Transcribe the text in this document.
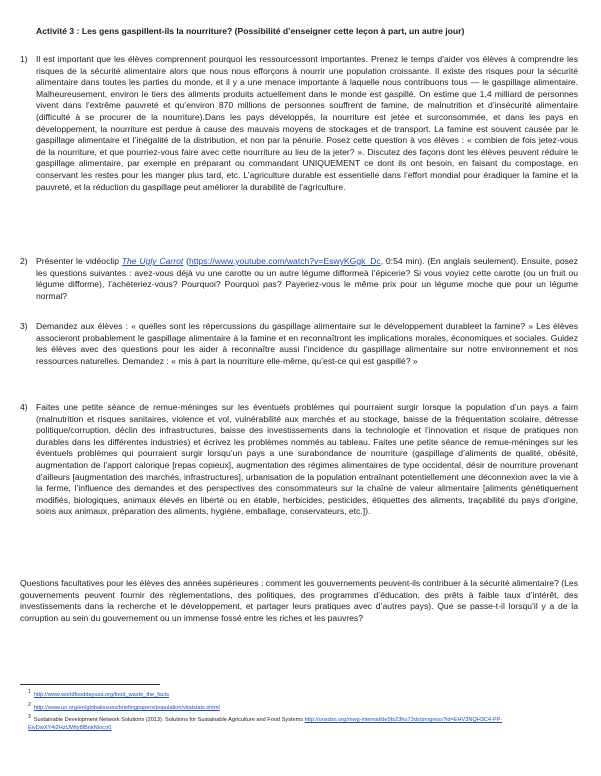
Activité 3 : Les gens gaspillent-ils la nourriture? (Possibilité d’enseigner cette leçon à part, un autre jour)
1) Il est important que les élèves comprennent pourquoi les ressourcessont importantes. Prenez le temps d’aider vos élèves à comprendre les risques de la sécurité alimentaire alors que nous nous efforçons à nourrir une population croissante. Il existe des risques pour la sécurité alimentaire dans toutes les parties du monde, et il y a une menace importante à laquelle nous contribuons tous — le gaspillage alimentaire. Malheureusement, environ le tiers des aliments produits actuellement dans le monde est gaspillé. On estime que 1,4 milliard de personnes vivent dans l’extrême pauvreté et qu’environ 870 millions de personnes souffrent de famine, de malnutrition et d’insécurité alimentaire (difficulté à se procurer de la nourriture).Dans les pays développés, la nourriture est jetée et surconsommée, et dans les pays en développement, la nourriture est perdue à cause des mauvais moyens de stockages et de transport. La famine est souvent causée par le gaspillage alimentaire et l’inégalité de la distribution, et non par la pénurie. Posez cette question à vos élèves : « combien de fois jetez-vous de la nourriture, et que pourriez-vous faire avec cette nourriture au lieu de la jeter? ». Discutez des façons dont les élèves peuvent réduire le gaspillage alimentaire, par exemple en préparant ou commandant UNIQUEMENT ce dont ils ont besoin, en faisant du compostage, en conservant les restes pour les manger plus tard, etc. L’agriculture durable est essentielle dans l’effort mondial pour éradiquer la famine et la pauvreté, et la réduction du gaspillage peut améliorer la durabilité de l’agriculture.
2) Présenter le vidéoclip The Ugly Carrot (https://www.youtube.com/watch?v=EswyKGgk_Dc, 0:54 min). (En anglais seulement). Ensuite, posez les questions suivantes : avez-vous déjà vu une carotte ou un autre légume difformeà l’épicerie? Si vous voyiez cette carotte (ou un fruit ou légume difforme), l’achèteriez-vous? Pourquoi? Pourquoi pas? Payeriez-vous le même prix pour un légume moche que pour un légume normal?
3) Demandez aux élèves : « quelles sont les répercussions du gaspillage alimentaire sur le développement durableet la famine? » Les élèves associeront probablement le gaspillage alimentaire à la famine et en reconnaîtront les implications morales, économiques et sociales. Guidez les élèves avec des questions pour les aider à reconnaître aussi l’incidence du gaspillage alimentaire sur notre environnement et nos ressources naturelles. Demandez : « mis à part la nourriture elle-même, qu’est-ce qui est gaspillé? »
4) Faites une petite séance de remue-méninges sur les éventuels problèmes qui pourraient surgir lorsque la population d’un pays a faim (malnutrition et risques sanitaires, violence et vol, vulnérabilité aux marchés et au stockage, baisse de la fréquentation scolaire, détresse politique/corruption, déclin des infrastructures, baisse des investissements dans la technologie et l’innovation et risque de pratiques non durables dans les différentes industries) et écrivez les problèmes nommés au tableau. Faites une petite séance de remue-méninges sur les éventuels problèmes qui pourraient surgir lorsqu’un pays a une surabondance de nourriture (gaspillage d’aliments de qualité, obésité, augmentation de l’apport calorique [repas copieux], augmentation des régimes alimentaires de type occidental, désir de nourriture provenant d’ailleurs [augmentation des marchés, infrastructures], urbanisation de la population entraînant potentiellement une déconnexion avec la vie à la ferme, l’influence des demandes et des perspectives des consommateurs sur la chaîne de valeur alimentaire [aliments génétiquement modifiés, biologiques, animaux élevés en liberté ou en étable, herbicides, pesticides, étiquettes des aliments, traçabilité du pays d’origine, soins aux animaux, préparation des aliments, hygiène, emballage, conservateurs, etc.]).
Questions facultatives pour les élèves des années supérieures : comment les gouvernements peuvent-ils contribuer à la sécurité alimentaire? (Les gouvernements peuvent fournir des réglementations, des politiques, des programmes d’éducation, des prêts à faible taux d’intérêt, des investissements dans la recherche et le développement, et partager leurs pratiques avec d’autres pays). Que se passe-t-il lorsqu’il y a de la corruption au sein du gouvernement ou un immense fossé entre les riches et les pauvres?
$^1$ http://www.worldfooddayusa.org/food_waste_the_facts
$^2$ http://www.un.org/en/globalissues/briefingpapers/population/vitalstats.shtml
$^3$ Sustainable Development Network Solutions (2013). Solutions for Sustainable Agriculture and Food Systems http://unsdsn.org/mwg-internal/de5fs23hu73ds/progress?id=EHV3NQH3C4-PP-EivDwXY4i2HzIJWty8lBnkNIoco0
